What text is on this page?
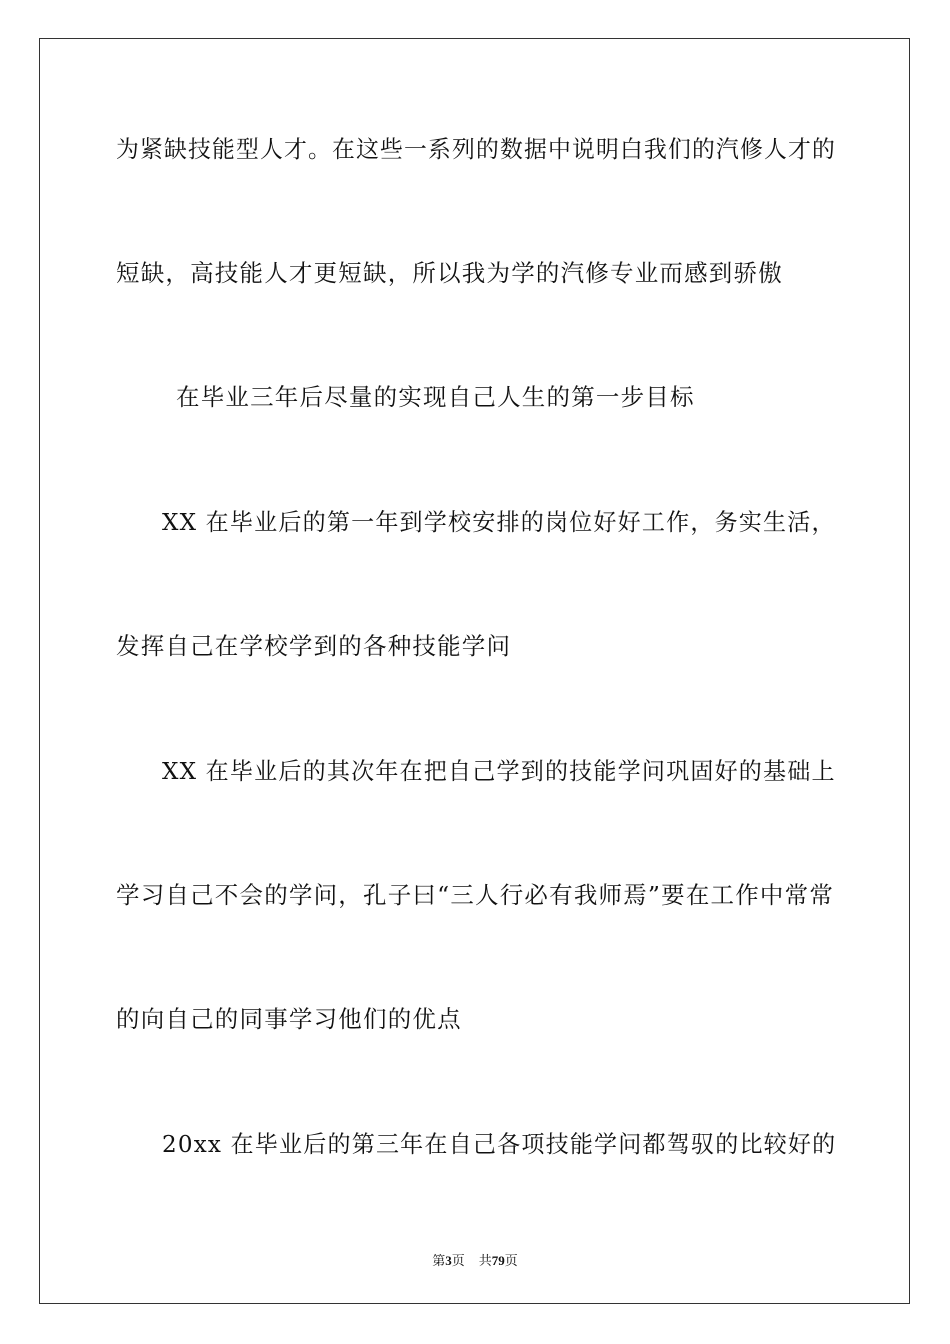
为紧缺技能型人才。在这些一系列的数据中说明白我们的汽修人才的
短缺，高技能人才更短缺，所以我为学的汽修专业而感到骄傲
在毕业三年后尽量的实现自己人生的第一步目标
XX 在毕业后的第一年到学校安排的岗位好好工作，务实生活，
发挥自己在学校学到的各种技能学问
XX 在毕业后的其次年在把自己学到的技能学问巩固好的基础上
学习自己不会的学问，孔子曰“三人行必有我师焉”要在工作中常常
的向自己的同事学习他们的优点
20xx 在毕业后的第三年在自己各项技能学问都驾驭的比较好的
第3页 共79页
